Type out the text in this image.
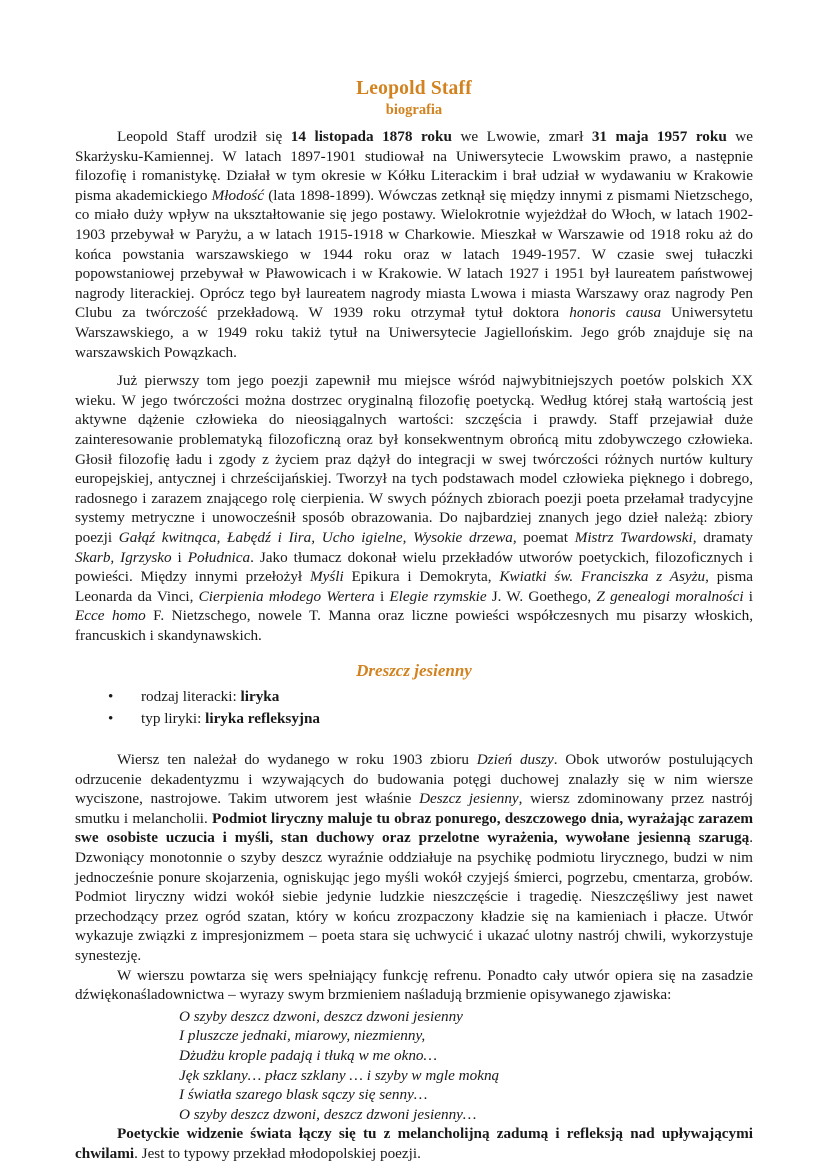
Leopold Staff
biografia

Leopold Staff urodził się 14 listopada 1878 roku we Lwowie, zmarł 31 maja 1957 roku we Skarżysku-Kamiennej. W latach 1897-1901 studiował na Uniwersytecie Lwowskim prawo, a następnie filozofię i romanistykę. Działał w tym okresie w Kółku Literackim i brał udział w wydawaniu w Krakowie pisma akademickiego Młodość (lata 1898-1899). Wówczas zetknął się między innymi z pismami Nietzschego, co miało duży wpływ na ukształtowanie się jego postawy. Wielokrotnie wyjeżdżał do Włoch, w latach 1902-1903 przebywał w Paryżu, a w latach 1915-1918 w Charkowie. Mieszkał w Warszawie od 1918 roku aż do końca powstania warszawskiego w 1944 roku oraz w latach 1949-1957. W czasie swej tułaczki popowstaniowej przebywał w Pławowicach i w Krakowie. W latach 1927 i 1951 był laureatem państwowej nagrody literackiej. Oprócz tego był laureatem nagrody miasta Lwowa i miasta Warszawy oraz nagrody Pen Clubu za twórczość przekładową. W 1939 roku otrzymał tytuł doktora honoris causa Uniwersytetu Warszawskiego, a w 1949 roku takiż tytuł na Uniwersytecie Jagiellońskim. Jego grób znajduje się na warszawskich Powązkach.

Już pierwszy tom jego poezji zapewnił mu miejsce wśród najwybitniejszych poetów polskich XX wieku. W jego twórczości można dostrzec oryginalną filozofię poetycką. Według której stałą wartością jest aktywne dążenie człowieka do nieosiągalnych wartości: szczęścia i prawdy. Staff przejawiał duże zainteresowanie problematyką filozoficzną oraz był konsekwentnym obrońcą mitu zdobywczego człowieka. Głosił filozofię ładu i zgody z życiem praz dążył do integracji w swej twórczości różnych nurtów kultury europejskiej, antycznej i chrześcijańskiej. Tworzył na tych podstawach model człowieka pięknego i dobrego, radosnego i zarazem znającego rolę cierpienia. W swych późnych zbiorach poezji poeta przełamał tradycyjne systemy metryczne i unowocześnił sposób obrazowania. Do najbardziej znanych jego dzieł należą: zbiory poezji Gałąź kwitnąca, Łabędź i Iira, Ucho igielne, Wysokie drzewa, poemat Mistrz Twardowski, dramaty Skarb, Igrzysko i Południca. Jako tłumacz dokonał wielu przekładów utworów poetyckich, filozoficznych i powieści. Między innymi przełożył Myśli Epikura i Demokryta, Kwiatki św. Franciszka z Asyżu, pisma Leonarda da Vinci, Cierpienia młodego Wertera i Elegie rzymskie J. W. Goethego, Z genealogi moralności i Ecce homo F. Nietzschego, nowele T. Manna oraz liczne powieści współczesnych mu pisarzy włoskich, francuskich i skandynawskich.

Dreszcz jesienny
• rodzaj literacki: liryka
• typ liryki: liryka refleksyjna

Wiersz ten należał do wydanego w roku 1903 zbioru Dzień duszy. Obok utworów postulujących odrzucenie dekadentyzmu i wzywających do budowania potęgi duchowej znalazły się w nim wiersze wyciszone, nastrojowe. Takim utworem jest właśnie Deszcz jesienny, wiersz zdominowany przez nastrój smutku i melancholii. Podmiot liryczny maluje tu obraz ponurego, deszczowego dnia, wyrażając zarazem swe osobiste uczucia i myśli, stan duchowy oraz przelotne wyrażenia, wywołane jesienną szarugą. Dzwoniący monotonnie o szyby deszcz wyraźnie oddziałuje na psychikę podmiotu lirycznego, budzi w nim jednocześnie ponure skojarzenia, ogniskując jego myśli wokół czyjejś śmierci, pogrzebu, cmentarza, grobów. Podmiot liryczny widzi wokół siebie jedynie ludzkie nieszczęście i tragedię. Nieszczęśliwy jest nawet przechodzący przez ogród szatan, który w końcu zrozpaczony kładzie się na kamieniach i płacze. Utwór wykazuje związki z impresjonizmem – poeta stara się uchwycić i ukazać ulotny nastrój chwili, wykorzystuje synestezję.

W wierszu powtarza się wers spełniający funkcję refrenu. Ponadto cały utwór opiera się na zasadzie dźwiękonaśladownictwa – wyrazy swym brzmieniem naśladują brzmienie opisywanego zjawiska:

O szyby deszcz dzwoni, deszcz dzwoni jesienny
I pluszcze jednaki, miarowy, niezmienny,
Dżudżu krople padają i tłuką w me okno…
Jęk szklany… płacz szklany … i szyby w mgle mokną
I światła szarego blask sączy się senny…
O szyby deszcz dzwoni, deszcz dzwoni jesienny…

Poetyckie widzenie świata łączy się tu z melancholijną zadumą i refleksją nad upływającymi chwilami. Jest to typowy przekład młodopolskiej poezji.
